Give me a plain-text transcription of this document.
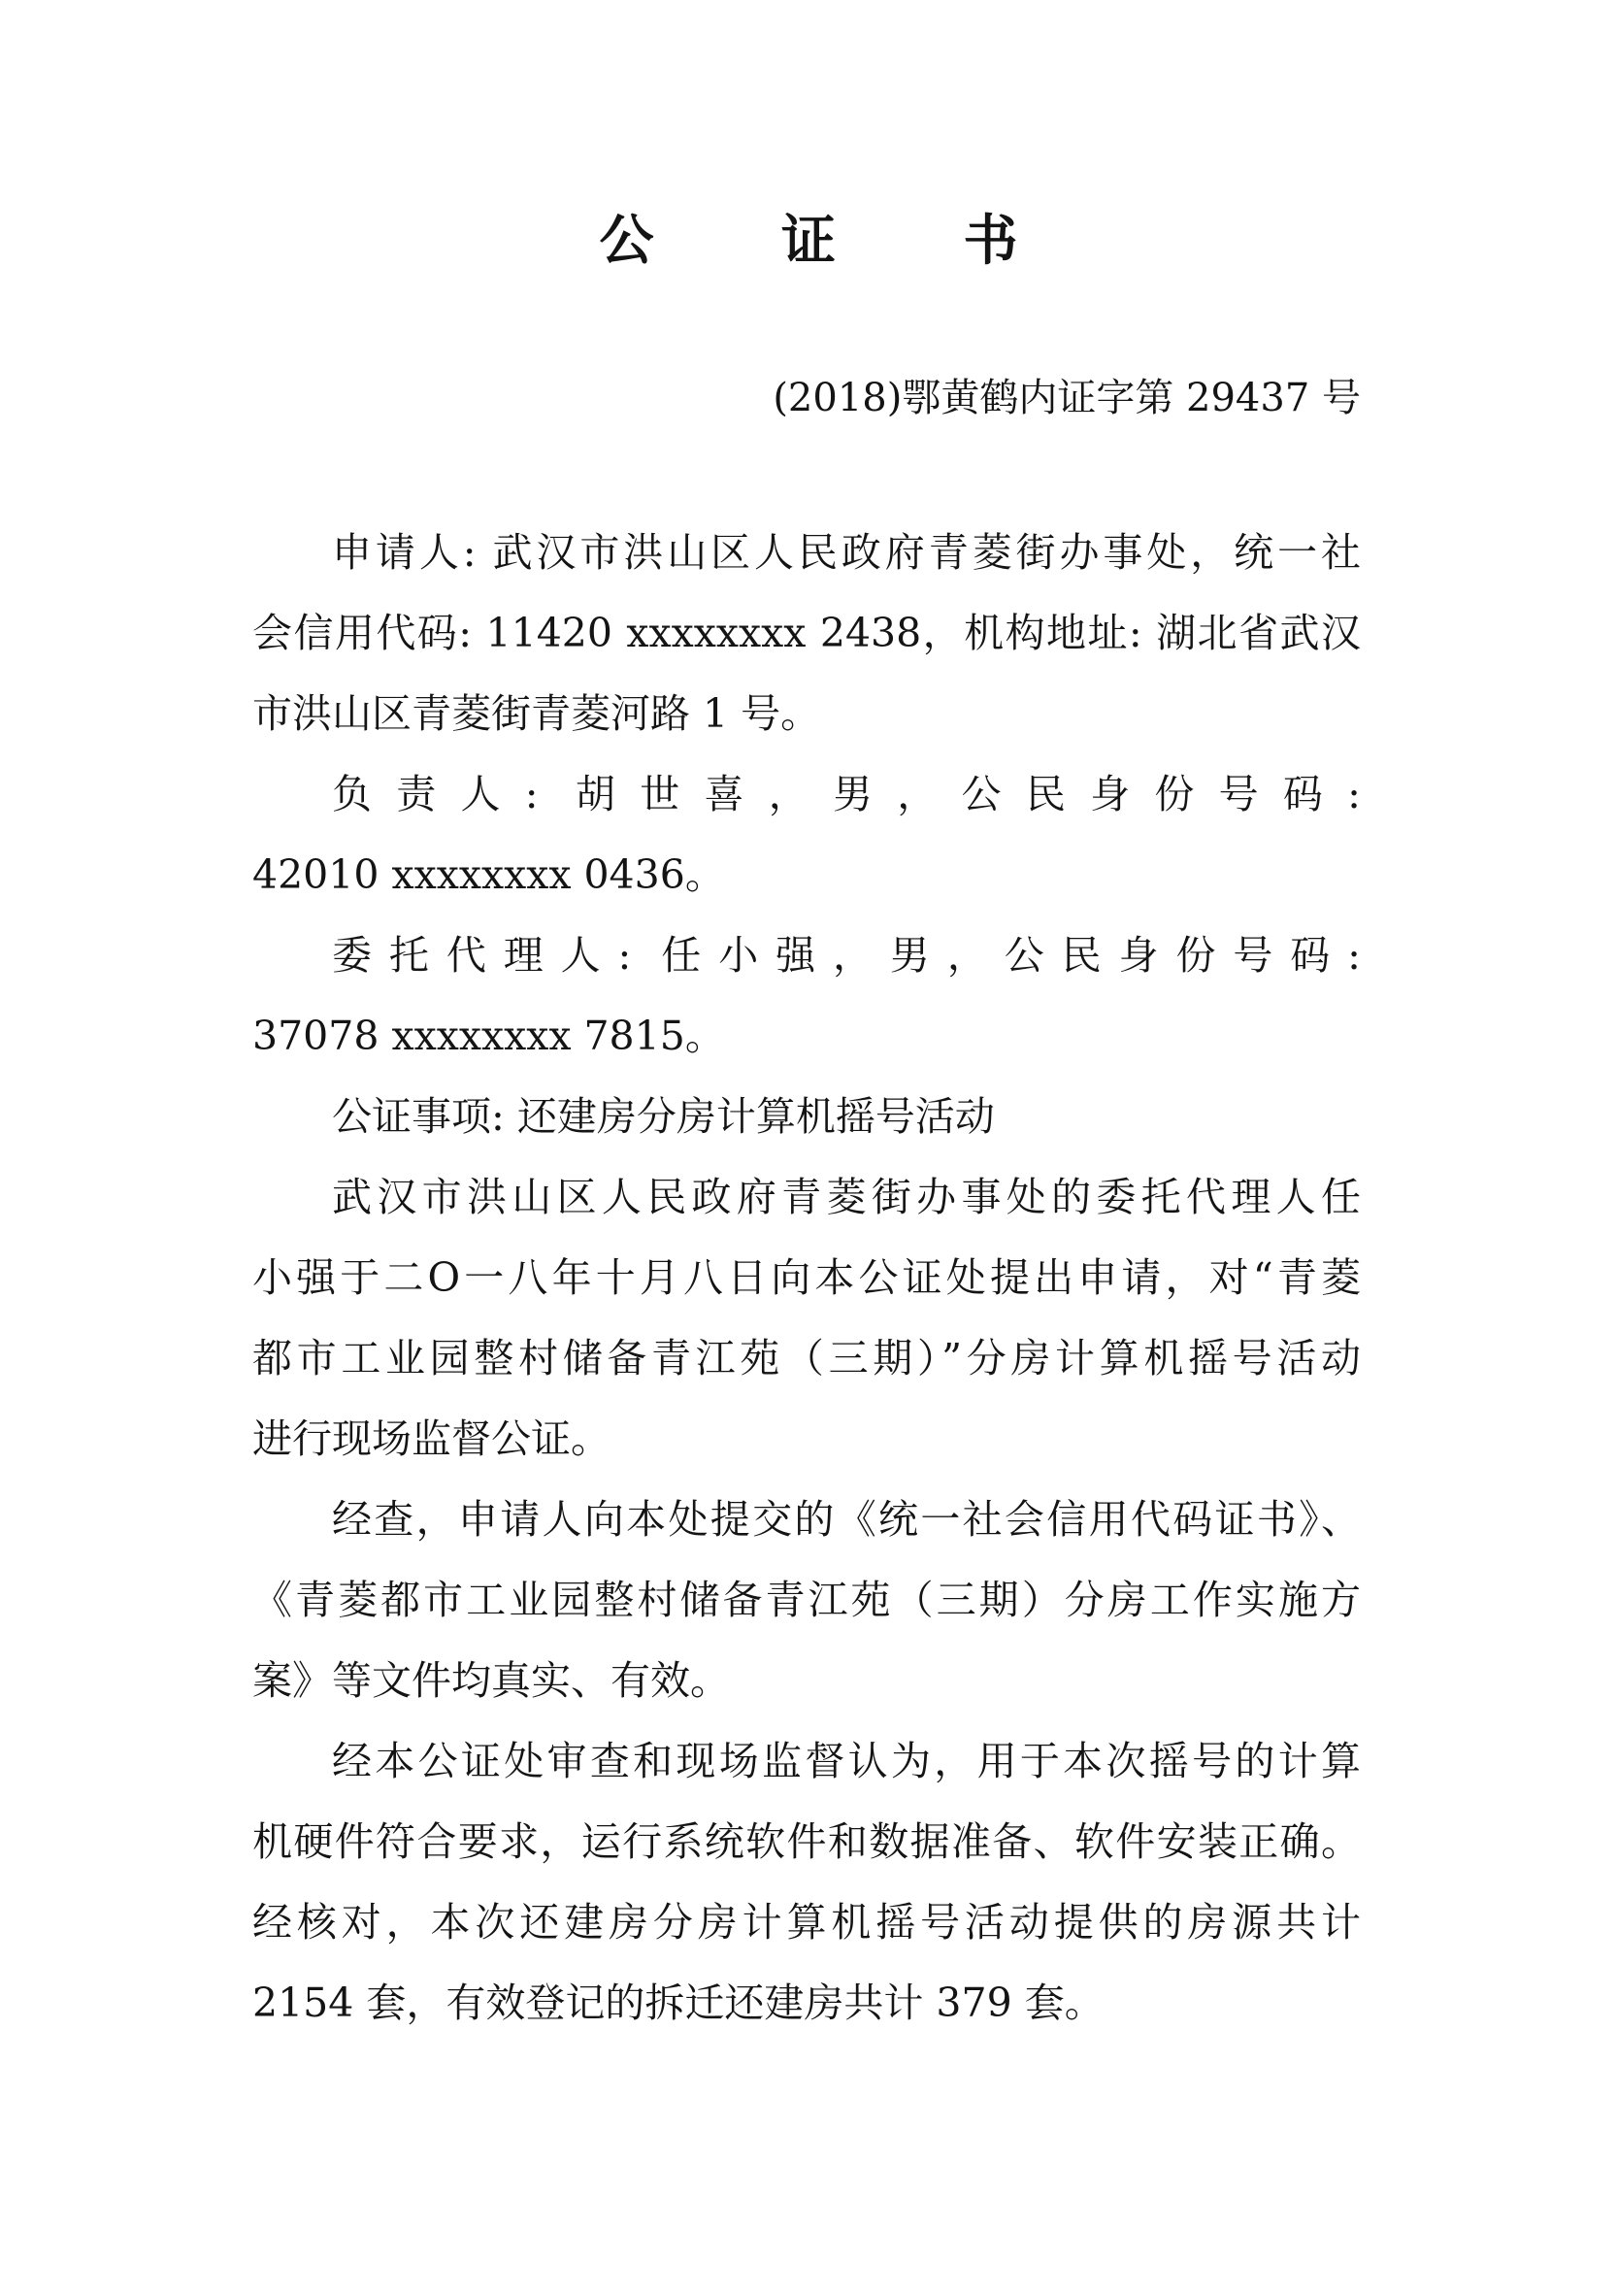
公 证 书
(2018)鄂黄鹤内证字第 29437 号
申请人: 武汉市洪山区人民政府青菱街办事处，统一社
会信用代码: 11420 xxxxxxxx 2438，机构地址: 湖北省武汉
市洪山区青菱街青菱河路 1 号。
负责人: 胡世喜，男，公民身份号码:
42010 xxxxxxxx 0436。
委托代理人: 任小强，男，公民身份号码:
37078 xxxxxxxx 7815。
公证事项: 还建房分房计算机摇号活动
武汉市洪山区人民政府青菱街办事处的委托代理人任
小强于二O一八年十月八日向本公证处提出申请，对“青菱
都市工业园整村储备青江苑（三期）”分房计算机摇号活动
进行现场监督公证。
经查，申请人向本处提交的《统一社会信用代码证书》、
《青菱都市工业园整村储备青江苑（三期）分房工作实施方
案》等文件均真实、有效。
经本公证处审查和现场监督认为，用于本次摇号的计算
机硬件符合要求，运行系统软件和数据准备、软件安装正确。
经核对，本次还建房分房计算机摇号活动提供的房源共计
2154 套，有效登记的拆迁还建房共计 379 套。
